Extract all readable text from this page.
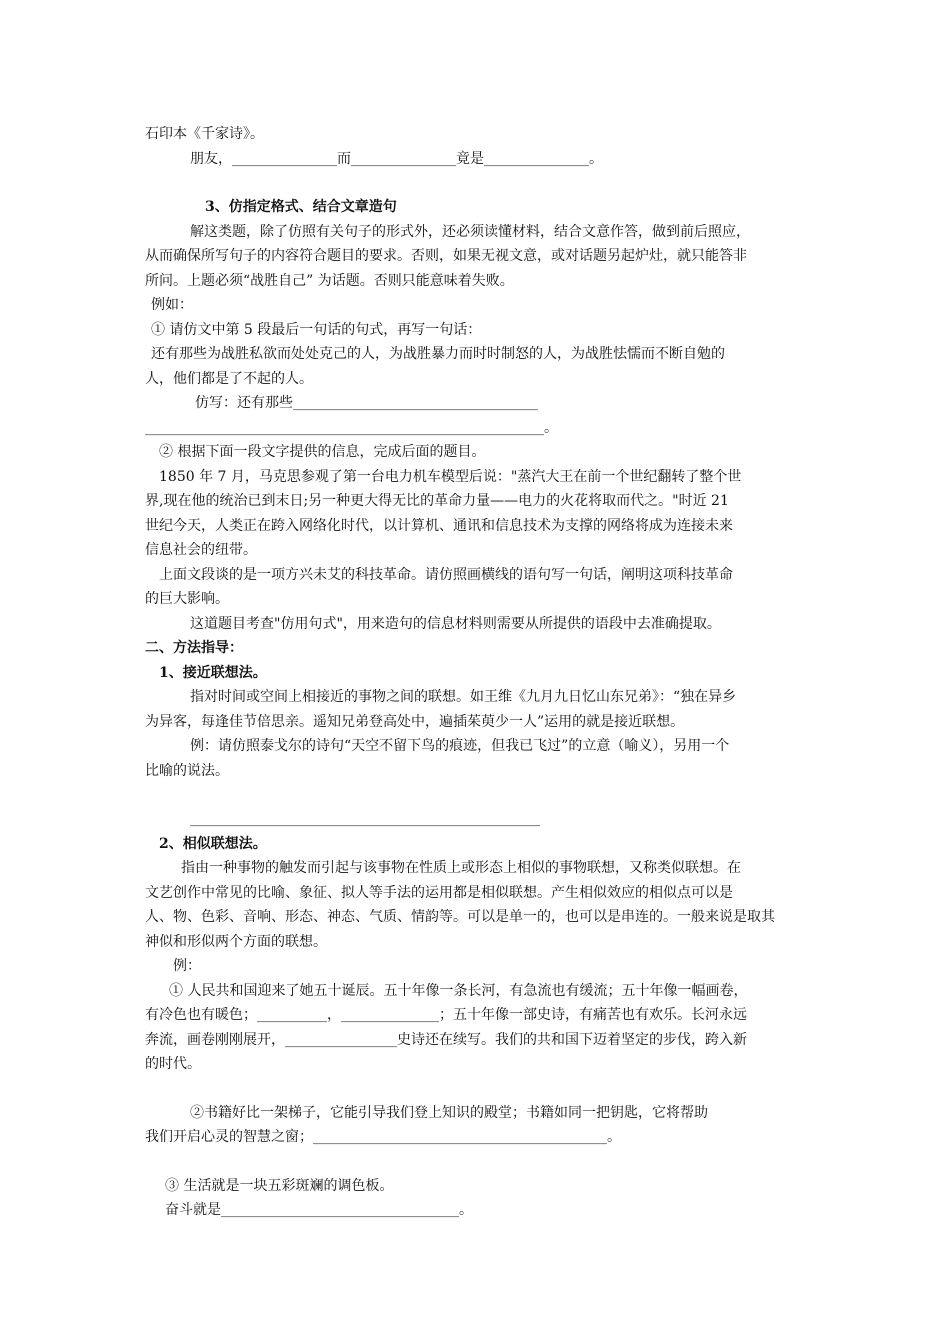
石印本《千家诗》。
朋友，_______________而_______________竟是_______________。
3、仿指定格式、结合文章造句
解这类题，除了仿照有关句子的形式外，还必须读懂材料，结合文意作答，做到前后照应，
从而确保所写句子的内容符合题目的要求。否则，如果无视文意，或对话题另起炉灶，就只能答非
所问。上题必须“战胜自己” 为话题。否则只能意味着失败。
例如：
① 请仿文中第 5 段最后一句话的句式，再写一句话：
还有那些为战胜私欲而处处克己的人，为战胜暴力而时时制怒的人，为战胜怯懦而不断自勉的
人，他们都是了不起的人。
仿写：还有那些___________________________________
_________________________________________________________。
② 根据下面一段文字提供的信息，完成后面的题目。
1850 年 7 月，马克思参观了第一台电力机车模型后说："蒸汽大王在前一个世纪翻转了整个世
界,现在他的统治已到末日;另一种更大得无比的革命力量——电力的火花将取而代之。"时近 21
世纪今天，人类正在跨入网络化时代，以计算机、通讯和信息技术为支撑的网络将成为连接未来
信息社会的纽带。
上面文段谈的是一项方兴未艾的科技革命。请仿照画横线的语句写一句话，阐明这项科技革命
的巨大影响。
这道题目考查"仿用句式"，用来造句的信息材料则需要从所提供的语段中去准确提取。
二、方法指导：
1、接近联想法。
指对时间或空间上相接近的事物之间的联想。如王维《九月九日忆山东兄弟》：“独在异乡
为异客，每逢佳节倍思亲。遥知兄弟登高处中，遍插茱萸少一人”运用的就是接近联想。
例：请仿照泰戈尔的诗句“天空不留下鸟的痕迹，但我已飞过”的立意（喻义），另用一个
比喻的说法。
__________________________________________________
2、相似联想法。
指由一种事物的触发而引起与该事物在性质上或形态上相似的事物联想，又称类似联想。在
文艺创作中常见的比喻、象征、拟人等手法的运用都是相似联想。产生相似效应的相似点可以是
人、物、色彩、音响、形态、神态、气质、情韵等。可以是单一的，也可以是串连的。一般来说是取其
神似和形似两个方面的联想。
例：
① 人民共和国迎来了她五十诞辰。五十年像一条长河，有急流也有缓流；五十年像一幅画卷，
有冷色也有暖色；__________，______________；五十年像一部史诗，有痛苦也有欢乐。长河永远
奔流，画卷刚刚展开，________________史诗还在续写。我们的共和国下迈着坚定的步伐，跨入新
的时代。
②书籍好比一架梯子，它能引导我们登上知识的殿堂；书籍如同一把钥匙，它将帮助
我们开启心灵的智慧之窗；__________________________________________。
③ 生活就是一块五彩斑斓的调色板。
奋斗就是__________________________________。
